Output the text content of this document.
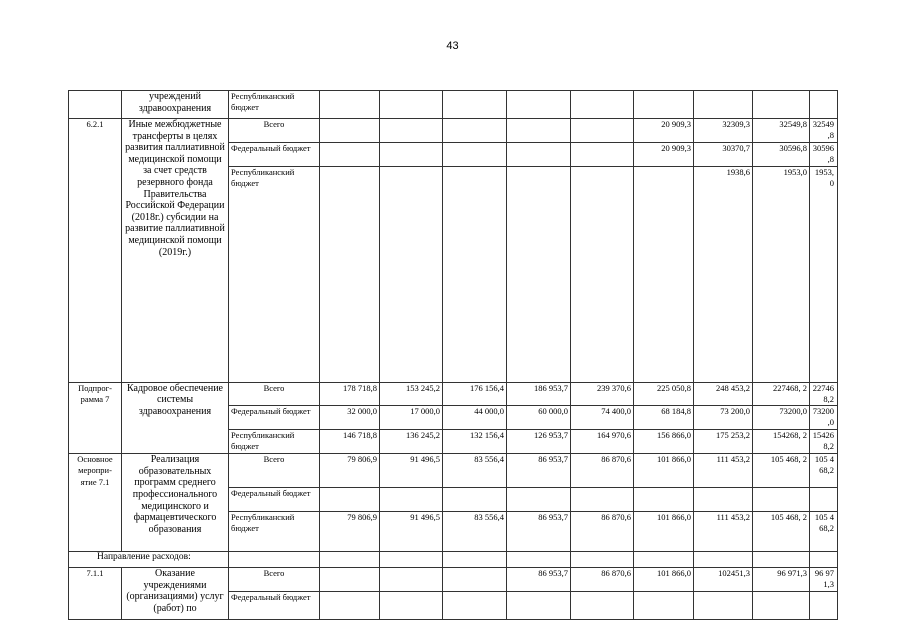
43
	учреждений здравоохранения	Республиканский бюджет									
6.2.1	Иные межбюджетные трансферты в целях развития паллиативной медицинской помощи за счет средств резервного фонда Правительства Российской Федерации (2018г.) субсидии на развитие паллиативной медицинской помощи (2019г.)	Всего						20 909,3	32309,3	32549,8	32549 ,8
		Федеральный бюджет						20 909,3	30370,7	30596,8	30596 ,8
		Республиканский бюджет							1938,6	1953,0	1953, 0
Подпрог-рамма 7	Кадровое обеспечение системы здравоохранения	Всего	178 718,8	153 245,2	176 156,4	186 953,7	239 370,6	225 050,8	248 453,2	227468, 2	22746 8,2
		Федеральный бюджет	32 000,0	17 000,0	44 000,0	60 000,0	74 400,0	68 184,8	73 200,0	73200,0	73200 ,0
		Республиканский бюджет	146 718,8	136 245,2	132 156,4	126 953,7	164 970,6	156 866,0	175 253,2	154268, 2	15426 8,2
Основное меропри-ятие 7.1	Реализация образовательных программ среднего профессионального медицинского и фармацевтического образования	Всего	79 806,9	91 496,5	83 556,4	86 953,7	86 870,6	101 866,0	111 453,2	105 468, 2	105 4 68,2
		Федеральный бюджет									
		Республиканский бюджет	79 806,9	91 496,5	83 556,4	86 953,7	86 870,6	101 866,0	111 453,2	105 468, 2	105 4 68,2
Направление расходов:											
7.1.1	Оказание учреждениями (организациями) услуг (работ) по	Всего				86 953,7	86 870,6	101 866,0	102451,3	96 971,3	96 97 1,3
		Федеральный бюджет									
